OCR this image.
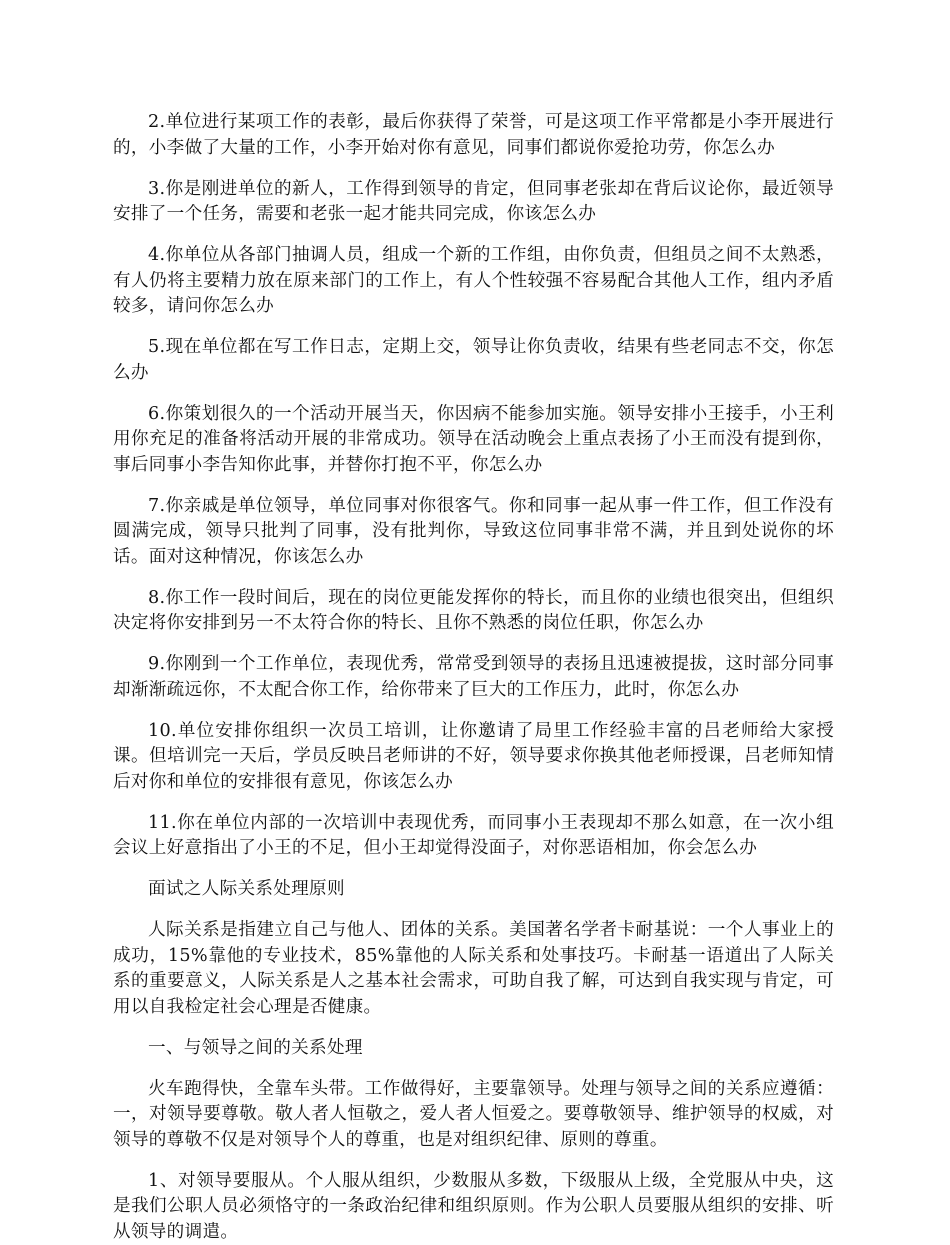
2.单位进行某项工作的表彰，最后你获得了荣誉，可是这项工作平常都是小李开展进行的，小李做了大量的工作，小李开始对你有意见，同事们都说你爱抢功劳，你怎么办

3.你是刚进单位的新人，工作得到领导的肯定，但同事老张却在背后议论你，最近领导安排了一个任务，需要和老张一起才能共同完成，你该怎么办

4.你单位从各部门抽调人员，组成一个新的工作组，由你负责，但组员之间不太熟悉，有人仍将主要精力放在原来部门的工作上，有人个性较强不容易配合其他人工作，组内矛盾较多，请问你怎么办

5.现在单位都在写工作日志，定期上交，领导让你负责收，结果有些老同志不交，你怎么办

6.你策划很久的一个活动开展当天，你因病不能参加实施。领导安排小王接手，小王利用你充足的准备将活动开展的非常成功。领导在活动晚会上重点表扬了小王而没有提到你，事后同事小李告知你此事，并替你打抱不平，你怎么办

7.你亲戚是单位领导，单位同事对你很客气。你和同事一起从事一件工作，但工作没有圆满完成，领导只批判了同事，没有批判你，导致这位同事非常不满，并且到处说你的坏话。面对这种情况，你该怎么办

8.你工作一段时间后，现在的岗位更能发挥你的特长，而且你的业绩也很突出，但组织决定将你安排到另一不太符合你的特长、且你不熟悉的岗位任职，你怎么办

9.你刚到一个工作单位，表现优秀，常常受到领导的表扬且迅速被提拔，这时部分同事却渐渐疏远你，不太配合你工作，给你带来了巨大的工作压力，此时，你怎么办

10.单位安排你组织一次员工培训，让你邀请了局里工作经验丰富的吕老师给大家授课。但培训完一天后，学员反映吕老师讲的不好，领导要求你换其他老师授课，吕老师知情后对你和单位的安排很有意见，你该怎么办

11.你在单位内部的一次培训中表现优秀，而同事小王表现却不那么如意，在一次小组会议上好意指出了小王的不足，但小王却觉得没面子，对你恶语相加，你会怎么办

面试之人际关系处理原则

人际关系是指建立自己与他人、团体的关系。美国著名学者卡耐基说：一个人事业上的成功，15%靠他的专业技术，85%靠他的人际关系和处事技巧。卡耐基一语道出了人际关系的重要意义，人际关系是人之基本社会需求，可助自我了解，可达到自我实现与肯定，可用以自我检定社会心理是否健康。

一、与领导之间的关系处理

火车跑得快，全靠车头带。工作做得好，主要靠领导。处理与领导之间的关系应遵循：一，对领导要尊敬。敬人者人恒敬之，爱人者人恒爱之。要尊敬领导、维护领导的权威，对领导的尊敬不仅是对领导个人的尊重，也是对组织纪律、原则的尊重。

1、对领导要服从。个人服从组织，少数服从多数，下级服从上级，全党服从中央，这是我们公职人员必须恪守的一条政治纪律和组织原则。作为公职人员要服从组织的安排、听从领导的调遣。
